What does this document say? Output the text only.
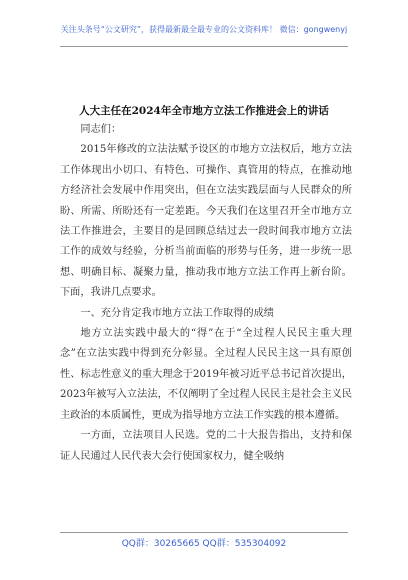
关注头条号“公文研究”，获得最新最全最专业的公文资料库！ 微信：gongwenyj
人大主任在2024年全市地方立法工作推进会上的讲话

同志们：

2015年修改的立法法赋予设区的市地方立法权后，地方立法工作体现出小切口、有特色、可操作、真管用的特点，在推动地方经济社会发展中作用突出，但在立法实践层面与人民群众的所盼、所需、所盼还有一定差距。今天我们在这里召开全市地方立法工作推进会，主要目的是回顾总结过去一段时间我市地方立法工作的成效与经验，分析当前面临的形势与任务，进一步统一思想、明确目标、凝聚力量，推动我市地方立法工作再上新台阶。下面，我讲几点要求。

一、充分肯定我市地方立法工作取得的成绩

地方立法实践中最大的“得”在于“全过程人民民主重大理念”在立法实践中得到充分彰显。全过程人民民主这一具有原创性、标志性意义的重大理念于2019年被习近平总书记首次提出，2023年被写入立法法，不仅阐明了全过程人民民主是社会主义民主政治的本质属性，更成为指导地方立法工作实践的根本遵循。

一方面，立法项目人民选。党的二十大报告指出，支持和保证人民通过人民代表大会行使国家权力，健全吸纳

QQ群：30265665 QQ群：535304092
